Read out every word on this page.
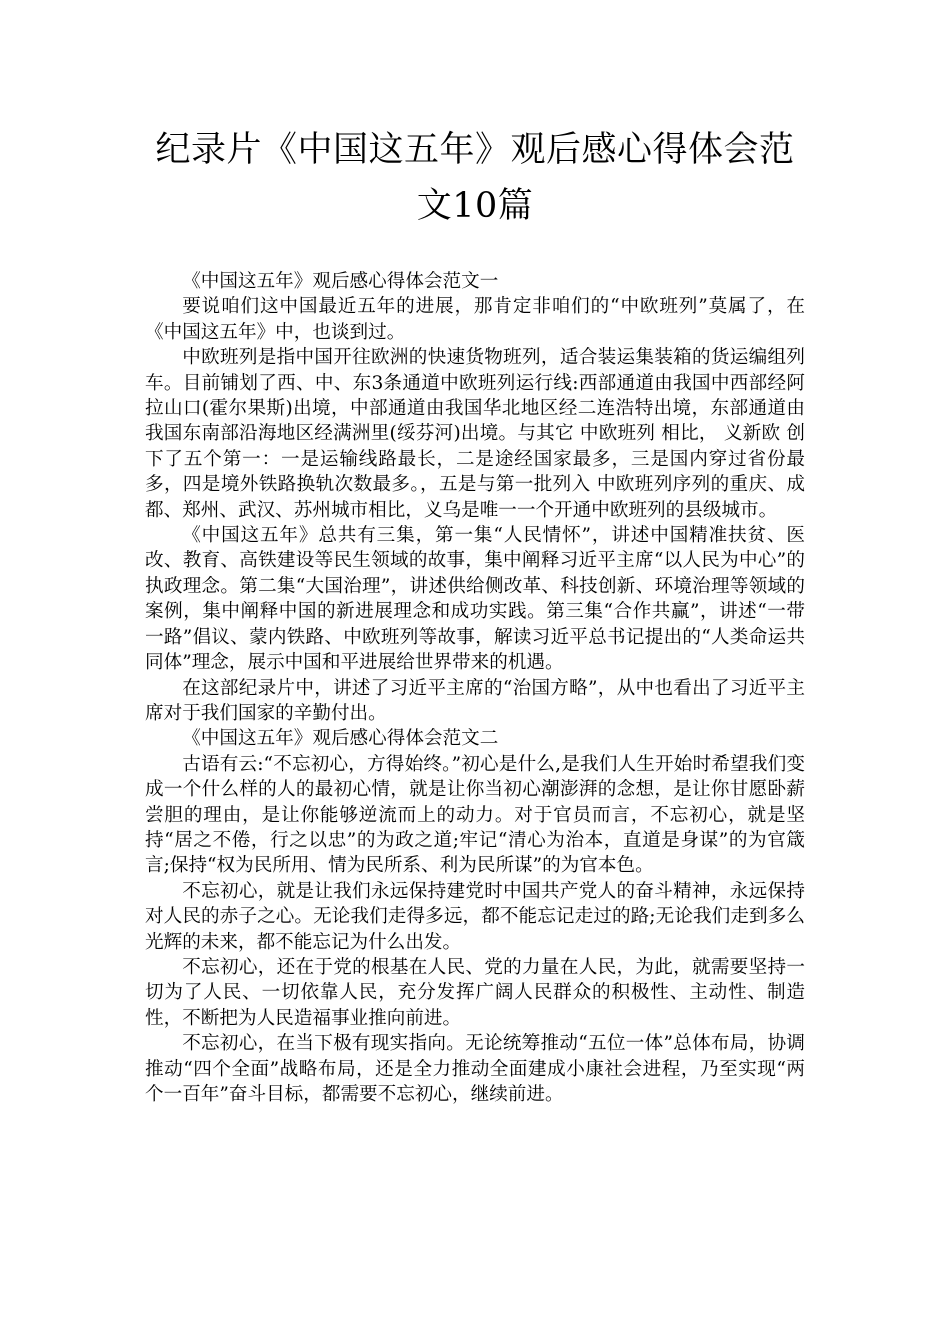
纪录片《中国这五年》观后感心得体会范
文10篇

《中国这五年》观后感心得体会范文一

要说咱们这中国最近五年的进展，那肯定非咱们的“中欧班列”莫属了，在《中国这五年》中，也谈到过。

中欧班列是指中国开往欧洲的快速货物班列，适合装运集装箱的货运编组列车。目前铺划了西、中、东3条通道中欧班列运行线:西部通道由我国中西部经阿拉山口(霍尔果斯)出境，中部通道由我国华北地区经二连浩特出境，东部通道由我国东南部沿海地区经满洲里(绥芬河)出境。与其它 中欧班列 相比， 义新欧 创下了五个第一：一是运输线路最长，二是途经国家最多，三是国内穿过省份最多，四是境外铁路换轨次数最多。，五是与第一批列入 中欧班列序列的重庆、成都、郑州、武汉、苏州城市相比，义乌是唯一一个开通中欧班列的县级城市。

《中国这五年》总共有三集，第一集“人民情怀”，讲述中国精准扶贫、医改、教育、高铁建设等民生领域的故事，集中阐释习近平主席“以人民为中心”的执政理念。第二集“大国治理”，讲述供给侧改革、科技创新、环境治理等领域的案例，集中阐释中国的新进展理念和成功实践。第三集“合作共赢”，讲述“一带一路”倡议、蒙内铁路、中欧班列等故事，解读习近平总书记提出的“人类命运共同体”理念，展示中国和平进展给世界带来的机遇。

在这部纪录片中，讲述了习近平主席的“治国方略”，从中也看出了习近平主席对于我们国家的辛勤付出。

《中国这五年》观后感心得体会范文二

古语有云:“不忘初心，方得始终。”初心是什么,是我们人生开始时希望我们变成一个什么样的人的最初心情，就是让你当初心潮澎湃的念想，是让你甘愿卧薪尝胆的理由，是让你能够逆流而上的动力。对于官员而言，不忘初心，就是坚持“居之不倦，行之以忠”的为政之道;牢记“清心为治本，直道是身谋”的为官箴言;保持“权为民所用、情为民所系、利为民所谋”的为官本色。

不忘初心，就是让我们永远保持建党时中国共产党人的奋斗精神，永远保持对人民的赤子之心。无论我们走得多远，都不能忘记走过的路;无论我们走到多么光辉的未来，都不能忘记为什么出发。

不忘初心，还在于党的根基在人民、党的力量在人民，为此，就需要坚持一切为了人民、一切依靠人民，充分发挥广阔人民群众的积极性、主动性、制造性，不断把为人民造福事业推向前进。

不忘初心，在当下极有现实指向。无论统筹推动“五位一体”总体布局，协调推动“四个全面”战略布局，还是全力推动全面建成小康社会进程，乃至实现“两个一百年”奋斗目标，都需要不忘初心，继续前进。
